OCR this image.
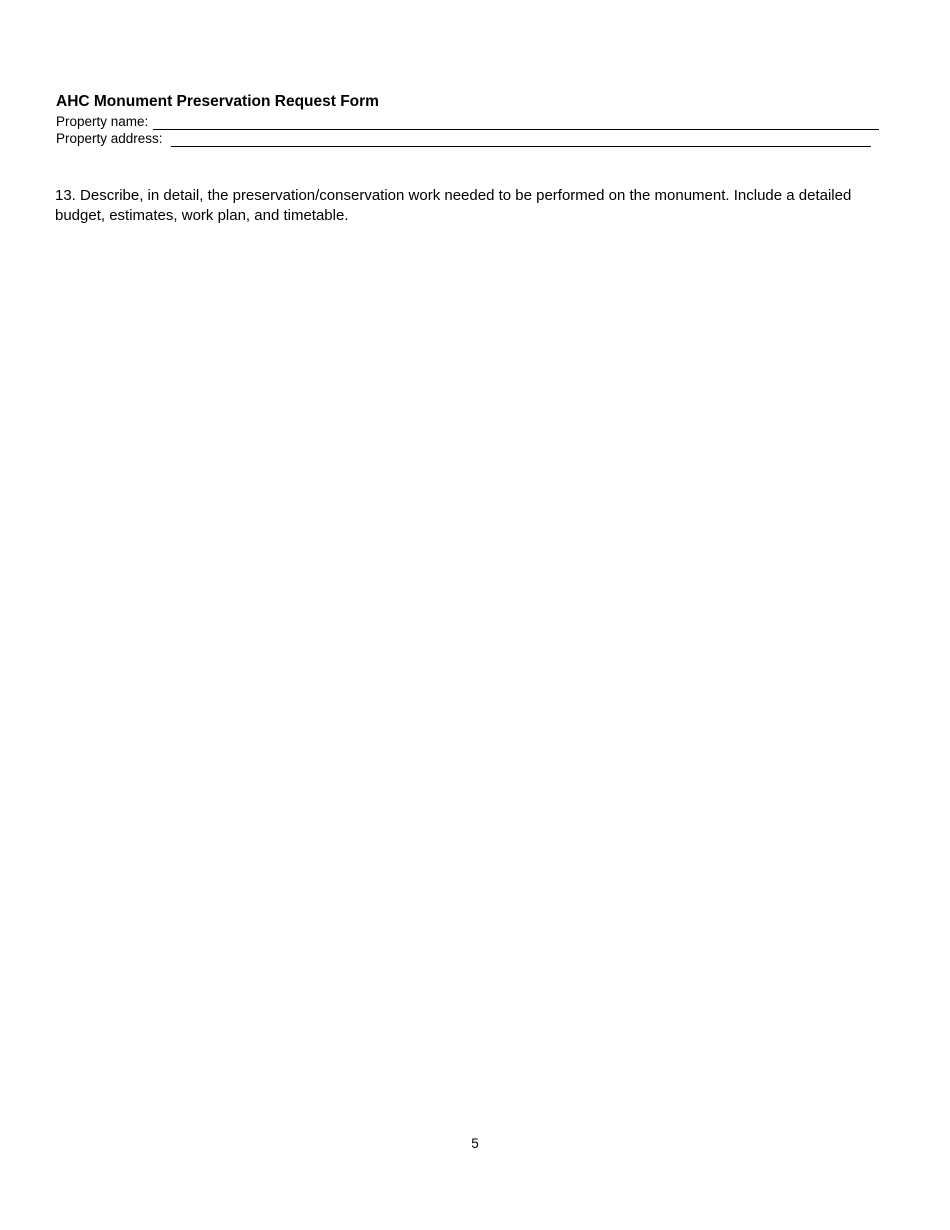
AHC Monument Preservation Request Form
Property name:
Property address:
13. Describe, in detail, the preservation/conservation work needed to be performed on the monument. Include a detailed budget, estimates, work plan, and timetable.
5
